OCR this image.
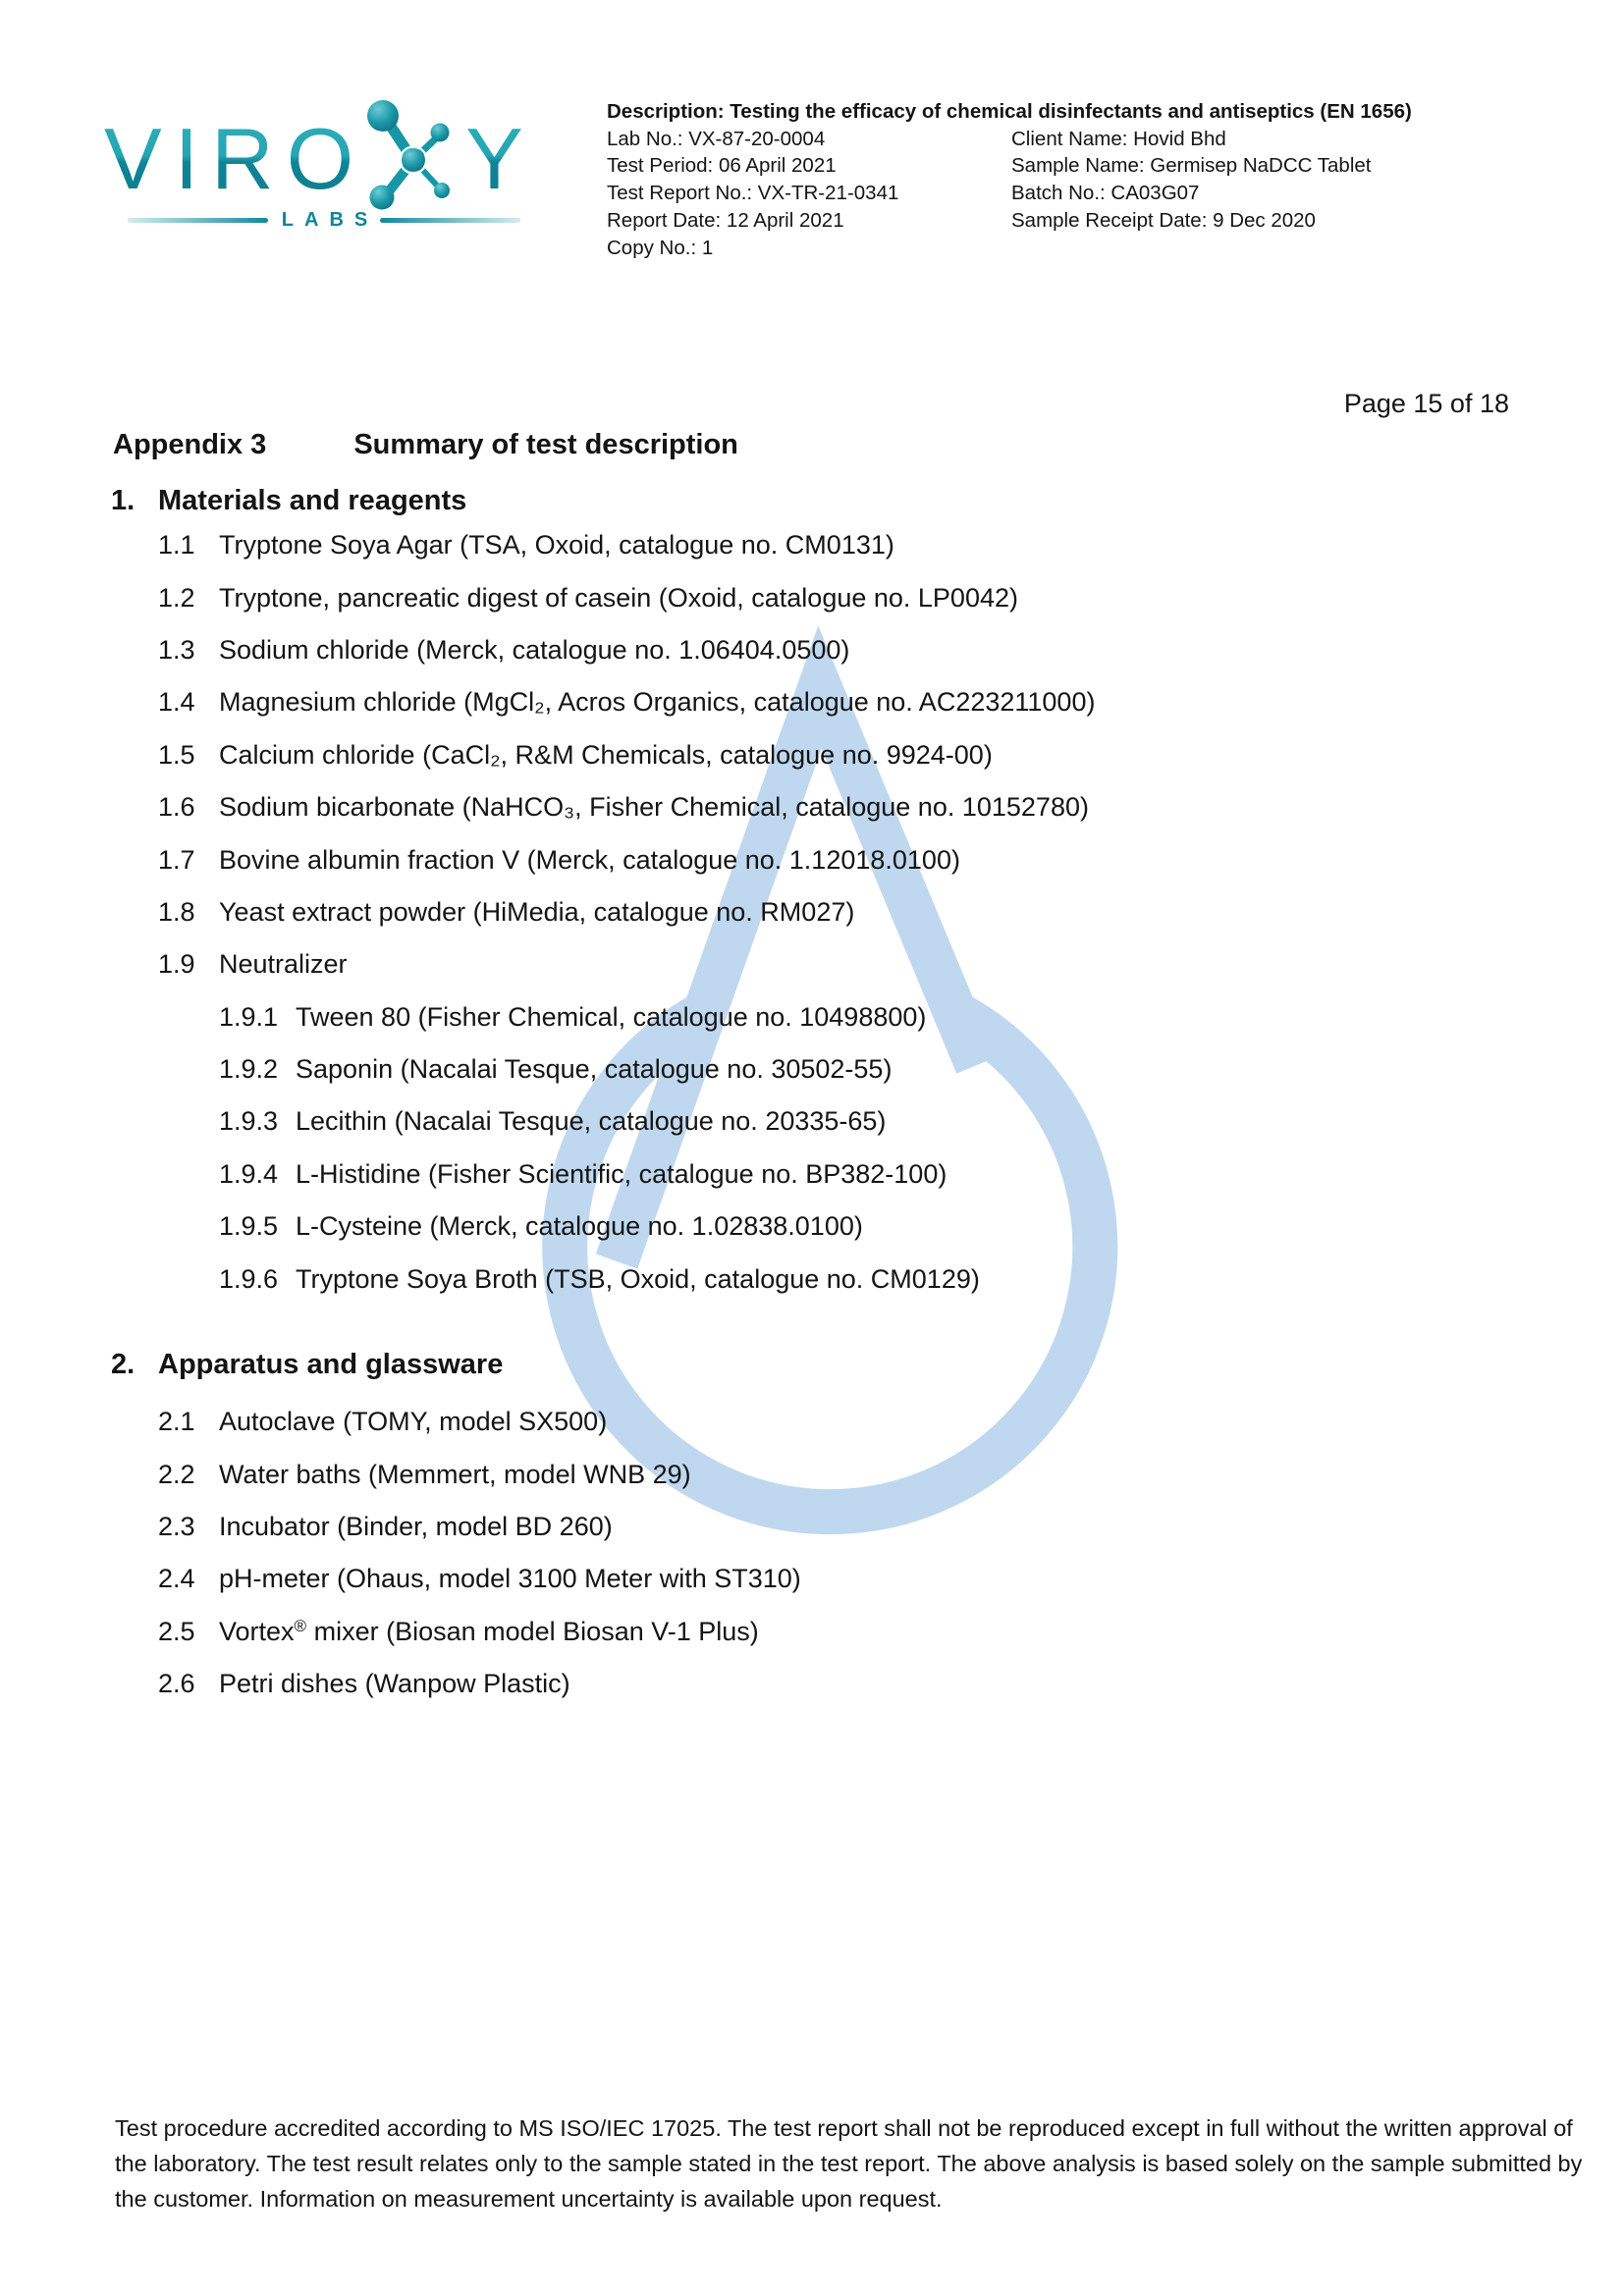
V I R O Y
LABS
Description: Testing the efficacy of chemical disinfectants and antiseptics (EN 1656)
Lab No.: VX-87-20-0004
Test Period: 06 April 2021
Test Report No.: VX-TR-21-0341
Report Date: 12 April 2021
Copy No.: 1
Client Name: Hovid Bhd
Sample Name: Germisep NaDCC Tablet
Batch No.: CA03G07
Sample Receipt Date: 9 Dec 2020
Page 15 of 18
Appendix 3	Summary of test description
1. Materials and reagents
1.1 Tryptone Soya Agar (TSA, Oxoid, catalogue no. CM0131)
1.2 Tryptone, pancreatic digest of casein (Oxoid, catalogue no. LP0042)
1.3 Sodium chloride (Merck, catalogue no. 1.06404.0500)
1.4 Magnesium chloride (MgCl₂, Acros Organics, catalogue no. AC223211000)
1.5 Calcium chloride (CaCl₂, R&M Chemicals, catalogue no. 9924-00)
1.6 Sodium bicarbonate (NaHCO₃, Fisher Chemical, catalogue no. 10152780)
1.7 Bovine albumin fraction V (Merck, catalogue no. 1.12018.0100)
1.8 Yeast extract powder (HiMedia, catalogue no. RM027)
1.9 Neutralizer
1.9.1 Tween 80 (Fisher Chemical, catalogue no. 10498800)
1.9.2 Saponin (Nacalai Tesque, catalogue no. 30502-55)
1.9.3 Lecithin (Nacalai Tesque, catalogue no. 20335-65)
1.9.4 L-Histidine (Fisher Scientific, catalogue no. BP382-100)
1.9.5 L-Cysteine (Merck, catalogue no. 1.02838.0100)
1.9.6 Tryptone Soya Broth (TSB, Oxoid, catalogue no. CM0129)
2. Apparatus and glassware
2.1 Autoclave (TOMY, model SX500)
2.2 Water baths (Memmert, model WNB 29)
2.3 Incubator (Binder, model BD 260)
2.4 pH-meter (Ohaus, model 3100 Meter with ST310)
2.5 Vortex® mixer (Biosan model Biosan V-1 Plus)
2.6 Petri dishes (Wanpow Plastic)
Test procedure accredited according to MS ISO/IEC 17025. The test report shall not be reproduced except in full without the written approval of
the laboratory. The test result relates only to the sample stated in the test report. The above analysis is based solely on the sample submitted by
the customer. Information on measurement uncertainty is available upon request.
